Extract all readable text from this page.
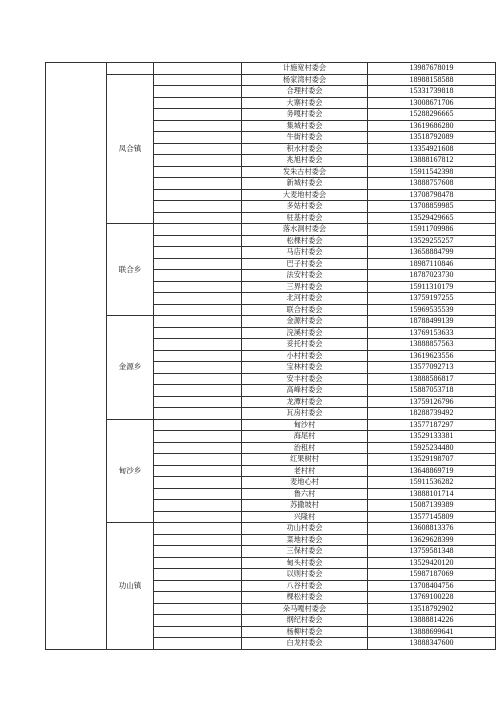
			计施宽村委会	13987678019
	凤合镇		杨家湾村委会	18988158588
			合理村委会	15331739818
			大寨村委会	13008671706
			务嘎村委会	15288296665
			集城村委会	13619686280
			牛街村委会	13518792089
			积水村委会	13354921608
			兆旭村委会	13888167812
			发朱古村委会	15911542398
			新城村委会	13888757608
			大麦地村委会	13708798478
			多姑村委会	13708859985
			驻基村委会	13529429665
	联合乡		落水洞村委会	15911709986
			松棵村委会	13529255257
			马店村委会	13658884799
			巴子村委会	18987110846
			法安村委会	18787023730
			三界村委会	15911310179
			北河村委会	13759197255
			联合村委会	15969535539
	金源乡		金源村委会	18788499139
			浣溪村委会	13769153633
			妥托村委会	13888857563
			小村村委会	13619623556
			宝林村委会	13577092713
			安丰村委会	13888586817
			高峰村委会	15887053718
			龙潭村委会	13759126796
			瓦房村委会	18288739492
	甸沙乡		甸沙村	13577187297
			海尾村	13529133381
			治租村	15925234480
			红果树村	13529198707
			老村村	13648869719
			麦地心村	15911536282
			鲁六村	13888101714
			苏撒坡村	15087139389
			兴隆村	13577145809
	功山镇		功山村委会	13608813376
			菜地村委会	13629628399
			三保村委会	13759581348
			甸头村委会	13529420120
			以则村委会	15987187069
			八谷村委会	13708404756
			棵松村委会	13769100228
			朵马嘎村委会	13518792902
			纲纪村委会	13888814226
			杨柳村委会	13888699641
			白龙村委会	13888347600
